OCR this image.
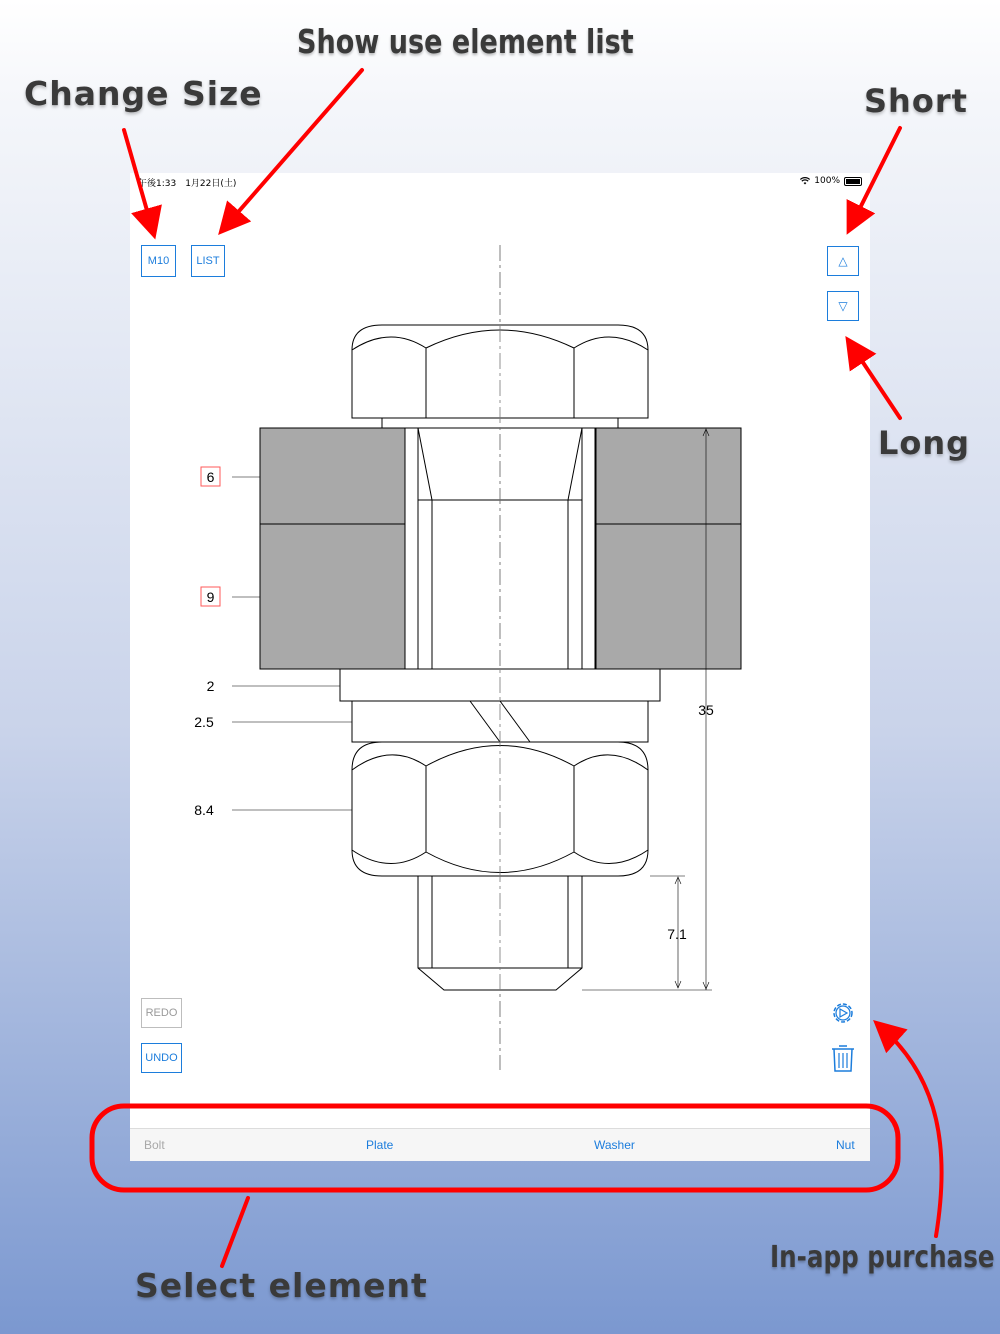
Change Size
Show use element list
Short
Long
In-app purchase
Select element
午後1:33　1月22日(土)	100%
6
9
2
2.5
8.4
35
7.1
M10	LIST	△
▽
REDO
UNDO
Bolt	Plate	Washer	Nut
